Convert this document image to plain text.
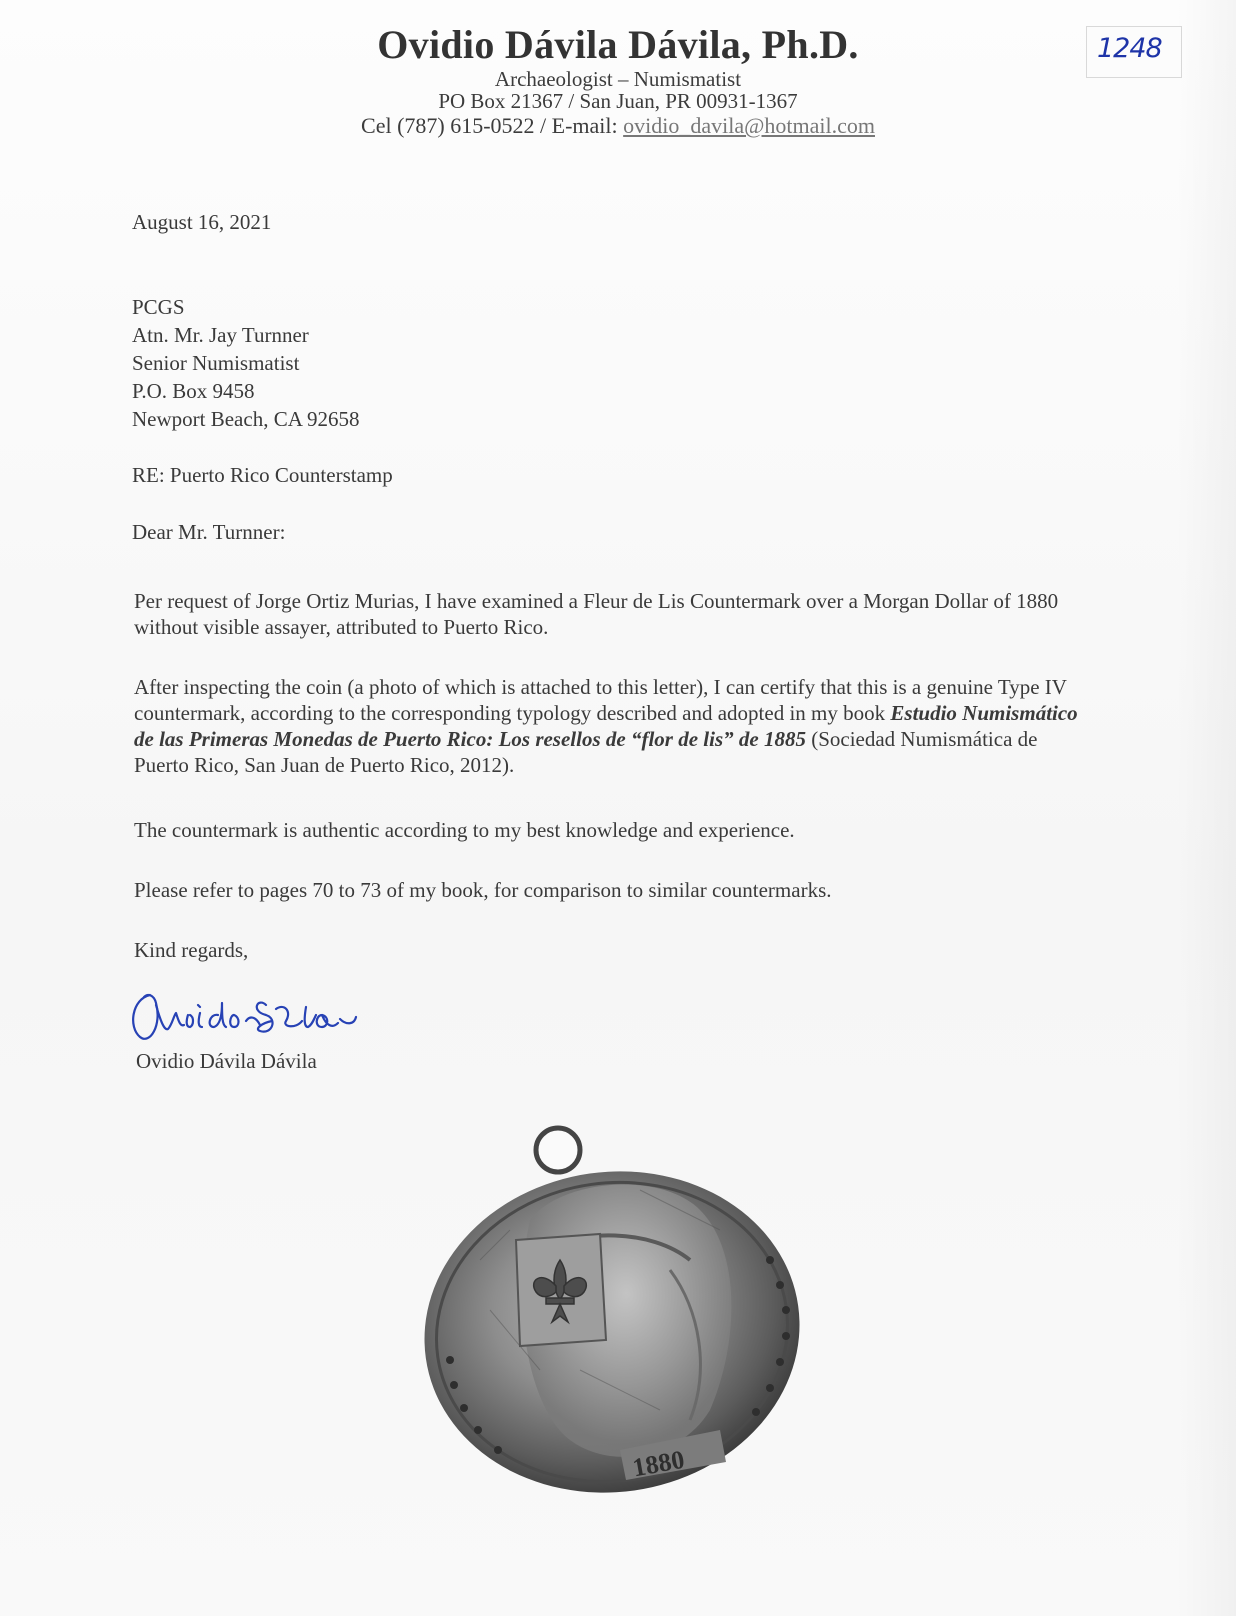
Ovidio Dávila Dávila, Ph.D.
Archaeologist – Numismatist
PO Box 21367 / San Juan, PR 00931-1367
Cel (787) 615-0522 / E-mail: ovidio_davila@hotmail.com
1248
August 16, 2021
PCGS
Atn. Mr. Jay Turnner
Senior Numismatist
P.O. Box 9458
Newport Beach, CA 92658
RE: Puerto Rico Counterstamp
Dear Mr. Turnner:
Per request of Jorge Ortiz Murias, I have examined a Fleur de Lis Countermark over a Morgan Dollar of 1880 without visible assayer, attributed to Puerto Rico.
After inspecting the coin (a photo of which is attached to this letter), I can certify that this is a genuine Type IV countermark, according to the corresponding typology described and adopted in my book Estudio Numismático de las Primeras Monedas de Puerto Rico: Los resellos de “flor de lis” de 1885 (Sociedad Numismática de Puerto Rico, San Juan de Puerto Rico, 2012).
The countermark is authentic according to my best knowledge and experience.
Please refer to pages 70 to 73 of my book, for comparison to similar countermarks.
Kind regards,
Ovidio Dávila
Ovidio Dávila Dávila
1880
